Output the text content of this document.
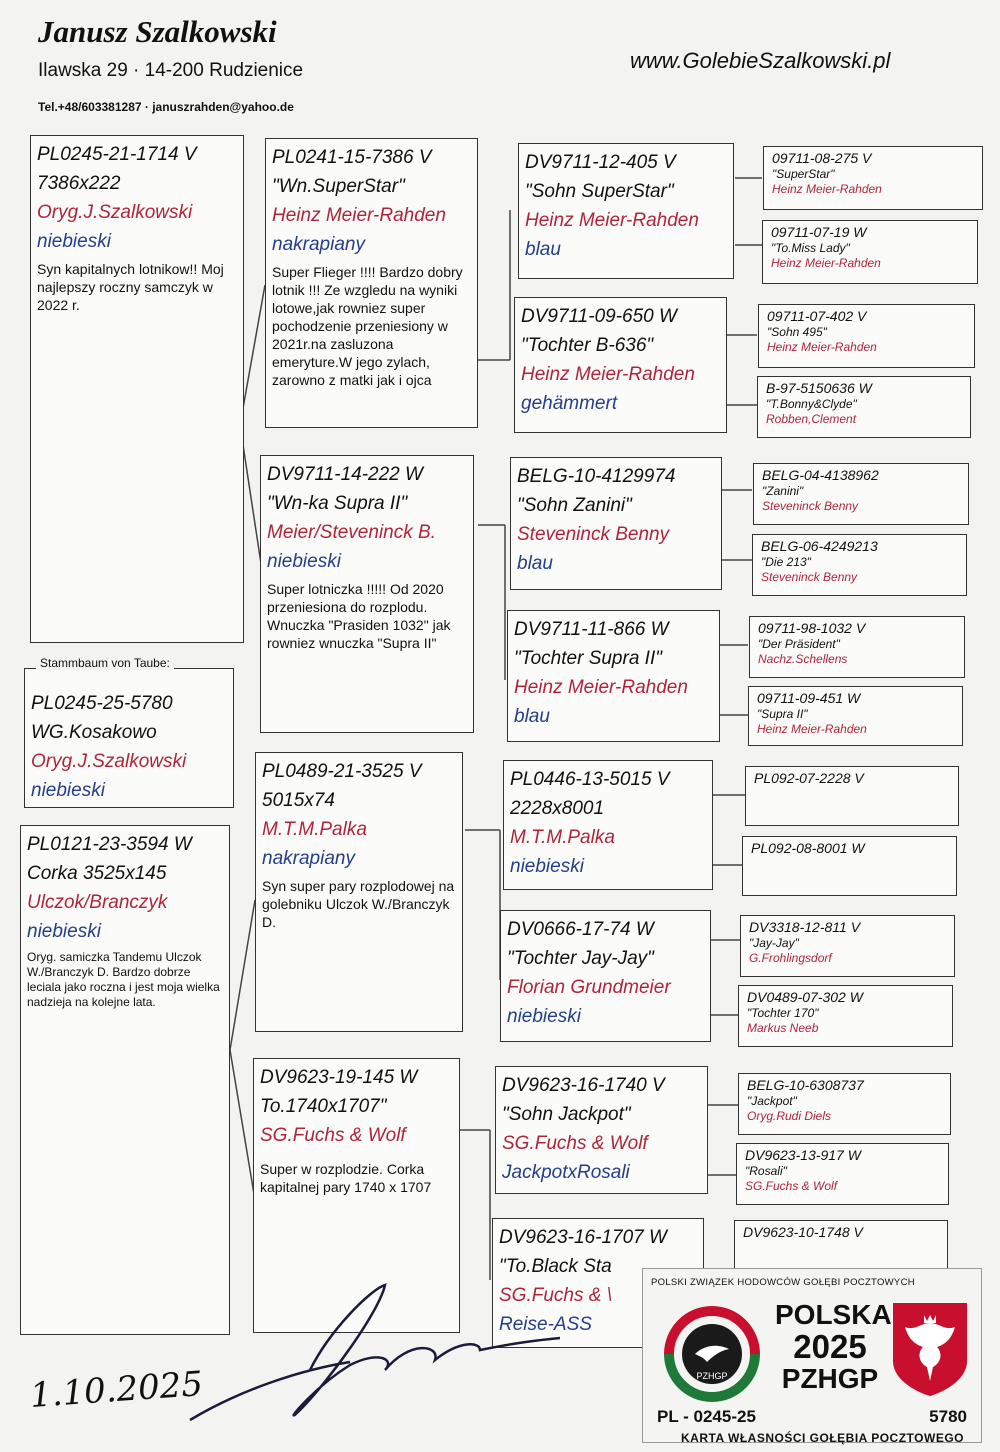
Janusz Szalkowski
Ilawska 29 · 14-200 Rudzienice
Tel.+48/603381287 · januszrahden@yahoo.de
www.GolebieSzalkowski.pl
PL0245-21-1714 V
7386x222
Oryg.J.Szalkowski
niebieski
Syn kapitalnych lotnikow!! Moj najlepszy roczny samczyk w 2022 r.
PL0245-25-5780
WG.Kosakowo
Oryg.J.Szalkowski
niebieski
Stammbaum von Taube:
PL0121-23-3594 W
Corka 3525x145
Ulczok/Branczyk
niebieski
Oryg. samiczka Tandemu Ulczok W./Branczyk D. Bardzo dobrze leciala jako roczna i jest moja wielka nadzieja na kolejne lata.
PL0241-15-7386 V
"Wn.SuperStar"
Heinz Meier-Rahden
nakrapiany
Super Flieger !!!! Bardzo dobry lotnik !!! Ze wzgledu na wyniki lotowe,jak rowniez super pochodzenie przeniesiony w 2021r.na zasluzona emeryture.W jego zylach, zarowno z matki jak i ojca
DV9711-14-222 W
"Wn-ka Supra II"
Meier/Steveninck B.
niebieski
Super lotniczka !!!!! Od 2020 przeniesiona do rozplodu. Wnuczka "Prasiden 1032" jak rowniez wnuczka "Supra II"
PL0489-21-3525 V
5015x74
M.T.M.Palka
nakrapiany
Syn super pary rozplodowej na golebniku Ulczok W./Branczyk D.
DV9623-19-145 W
To.1740x1707"
SG.Fuchs & Wolf
Super w rozplodzie. Corka kapitalnej pary 1740 x 1707
DV9711-12-405 V
"Sohn SuperStar"
Heinz Meier-Rahden
blau
DV9711-09-650 W
"Tochter B-636"
Heinz Meier-Rahden
gehämmert
BELG-10-4129974
"Sohn Zanini"
Steveninck Benny
blau
DV9711-11-866 W
"Tochter Supra II"
Heinz Meier-Rahden
blau
PL0446-13-5015 V
2228x8001
M.T.M.Palka
niebieski
DV0666-17-74 W
"Tochter Jay-Jay"
Florian Grundmeier
niebieski
DV9623-16-1740 V
"Sohn Jackpot"
SG.Fuchs & Wolf
JackpotxRosali
DV9623-16-1707 W
"To.Black Sta
SG.Fuchs & \
Reise-ASS
09711-08-275 V
"SuperStar"
Heinz Meier-Rahden
09711-07-19 W
"To.Miss Lady"
Heinz Meier-Rahden
09711-07-402 V
"Sohn 495"
Heinz Meier-Rahden
B-97-5150636 W
"T.Bonny&Clyde"
Robben,Clement
BELG-04-4138962
"Zanini"
Steveninck Benny
BELG-06-4249213
"Die 213"
Steveninck Benny
09711-98-1032 V
"Der Präsident"
Nachz.Schellens
09711-09-451 W
"Supra II"
Heinz Meier-Rahden
PL092-07-2228 V
PL092-08-8001 W
DV3318-12-811 V
"Jay-Jay"
G.Frohlingsdorf
DV0489-07-302 W
"Tochter 170"
Markus Neeb
BELG-10-6308737
"Jackpot"
Oryg.Rudi Diels
DV9623-13-917 W
"Rosali"
SG.Fuchs & Wolf
DV9623-10-1748 V
1.10.2025
POLSKI ZWIĄZEK HODOWCÓW GOŁĘBI POCZTOWYCH
PZHGP
POLSKA
2025
PZHGP
PL - 0245-25	5780
KARTA WŁASNOŚCI GOŁĘBIA POCZTOWEGO
